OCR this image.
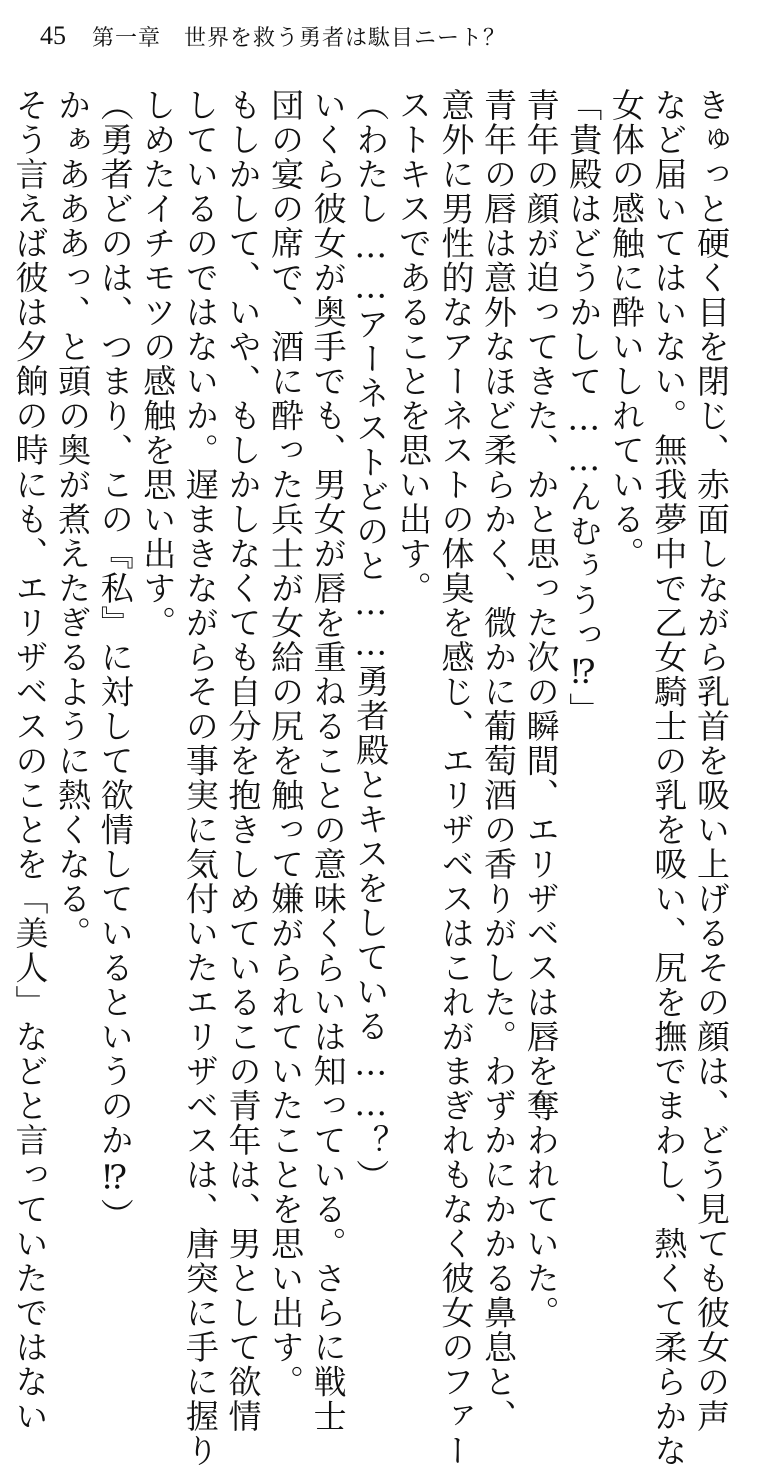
45 第一章　世界を救う勇者は駄目ニート？

きゅっと硬く目を閉じ、赤面しながら乳首を吸い上げるその顔は、どう見ても彼女の声

など届いてはいない。無我夢中で乙女騎士の乳を吸い、尻を撫でまわし、熱くて柔らかな

女体の感触に酔いしれている。

「貴殿はどうかして……んむぅうっ⁉」

青年の顔が迫ってきた、かと思った次の瞬間、エリザベスは唇を奪われていた。

青年の唇は意外なほど柔らかく、微かに葡萄酒の香りがした。わずかにかかる鼻息と、

意外に男性的なアーネストの体臭を感じ、エリザベスはこれがまぎれもなく彼女のファー

ストキスであることを思い出す。

（わたし……アーネストどのと……勇者殿とキスをしている……？）

いくら彼女が奥手でも、男女が唇を重ねることの意味くらいは知っている。さらに戦士

団の宴の席で、酒に酔った兵士が女給の尻を触って嫌がられていたことを思い出す。

もしかして、いや、もしかしなくても自分を抱きしめているこの青年は、男として欲情

しているのではないか。遅まきながらその事実に気付いたエリザベスは、唐突に手に握り

しめたイチモツの感触を思い出す。

（勇者どのは、つまり、この『私』に対して欲情しているというのか⁉）

かぁあああっ、と頭の奥が煮えたぎるように熱くなる。

そう言えば彼は夕餉の時にも、エリザベスのことを「美人」などと言っていたではない
